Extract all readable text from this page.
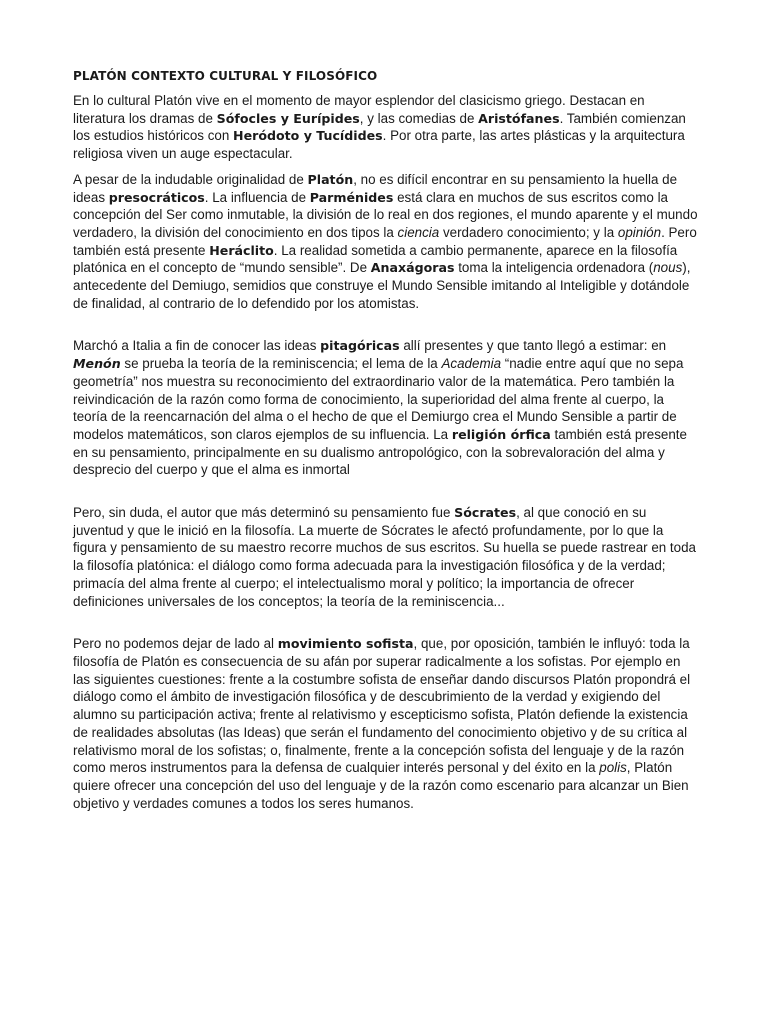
PLATÓN CONTEXTO CULTURAL Y FILOSÓFICO

En lo cultural Platón vive en el momento de mayor esplendor del clasicismo griego. Destacan en literatura los dramas de Sófocles y Eurípides, y las comedias de Aristófanes. También comienzan los estudios históricos con Heródoto y Tucídides. Por otra parte, las artes plásticas y la arquitectura religiosa viven un auge espectacular.

A pesar de la indudable originalidad de Platón, no es difícil encontrar en su pensamiento la huella de ideas presocráticos. La influencia de Parménides está clara en muchos de sus escritos como la concepción del Ser como inmutable, la división de lo real en dos regiones, el mundo aparente y el mundo verdadero, la división del conocimiento en dos tipos la ciencia verdadero conocimiento; y la opinión. Pero también está presente Heráclito. La realidad sometida a cambio permanente, aparece en la filosofía platónica en el concepto de “mundo sensible”. De Anaxágoras toma la inteligencia ordenadora (nous), antecedente del Demiugo, semidios que construye el Mundo Sensible imitando al Inteligible y dotándole de finalidad, al contrario de lo defendido por los atomistas.

Marchó a Italia a fin de conocer las ideas pitagóricas allí presentes y que tanto llegó a estimar: en Menón se prueba la teoría de la reminiscencia; el lema de la Academia “nadie entre aquí que no sepa geometría” nos muestra su reconocimiento del extraordinario valor de la matemática. Pero también la reivindicación de la razón como forma de conocimiento, la superioridad del alma frente al cuerpo, la teoría de la reencarnación del alma o el hecho de que el Demiurgo crea el Mundo Sensible a partir de modelos matemáticos, son claros ejemplos de su influencia. La religión órfica también está presente en su pensamiento, principalmente en su dualismo antropológico, con la sobrevaloración del alma y desprecio del cuerpo y que el alma es inmortal

Pero, sin duda, el autor que más determinó su pensamiento fue Sócrates, al que conoció en su juventud y que le inició en la filosofía. La muerte de Sócrates le afectó profundamente, por lo que la figura y pensamiento de su maestro recorre muchos de sus escritos. Su huella se puede rastrear en toda la filosofía platónica: el diálogo como forma adecuada para la investigación filosófica y de la verdad; primacía del alma frente al cuerpo; el intelectualismo moral y político; la importancia de ofrecer definiciones universales de los conceptos; la teoría de la reminiscencia...

Pero no podemos dejar de lado al movimiento sofista, que, por oposición, también le influyó: toda la filosofía de Platón es consecuencia de su afán por superar radicalmente a los sofistas. Por ejemplo en las siguientes cuestiones: frente a la costumbre sofista de enseñar dando discursos Platón propondrá el diálogo como el ámbito de investigación filosófica y de descubrimiento de la verdad y exigiendo del alumno su participación activa; frente al relativismo y escepticismo sofista, Platón defiende la existencia de realidades absolutas (las Ideas) que serán el fundamento del conocimiento objetivo y de su crítica al relativismo moral de los sofistas; o, finalmente, frente a la concepción sofista del lenguaje y de la razón como meros instrumentos para la defensa de cualquier interés personal y del éxito en la polis, Platón quiere ofrecer una concepción del uso del lenguaje y de la razón como escenario para alcanzar un Bien objetivo y verdades comunes a todos los seres humanos.
